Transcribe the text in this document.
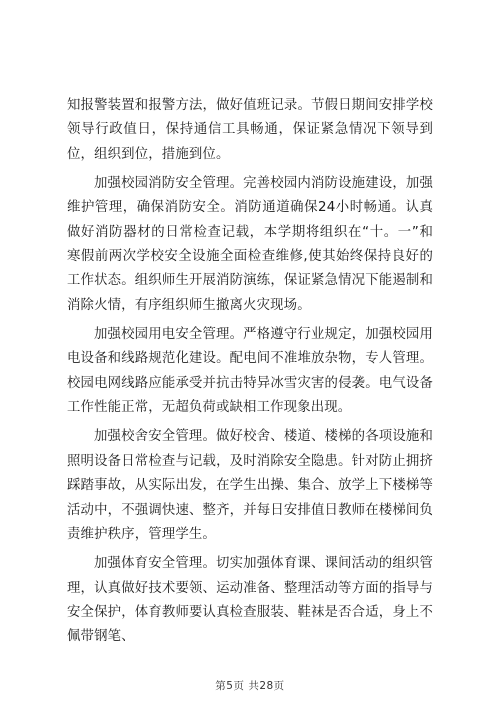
知报警装置和报警方法，做好值班记录。节假日期间安排学校领导行政值日，保持通信工具畅通，保证紧急情况下领导到位，组织到位，措施到位。

加强校园消防安全管理。完善校园内消防设施建设，加强维护管理，确保消防安全。消防通道确保24小时畅通。认真做好消防器材的日常检查记载，本学期将组织在“十。一”和寒假前两次学校安全设施全面检查维修,使其始终保持良好的工作状态。组织师生开展消防演练，保证紧急情况下能遏制和消除火情，有序组织师生撤离火灾现场。

加强校园用电安全管理。严格遵守行业规定，加强校园用电设备和线路规范化建设。配电间不准堆放杂物，专人管理。校园电网线路应能承受并抗击特异冰雪灾害的侵袭。电气设备工作性能正常，无超负荷或缺相工作现象出现。

加强校舍安全管理。做好校舍、楼道、楼梯的各项设施和照明设备日常检查与记载，及时消除安全隐患。针对防止拥挤踩踏事故，从实际出发，在学生出操、集合、放学上下楼梯等活动中，不强调快速、整齐，并每日安排值日教师在楼梯间负责维护秩序，管理学生。

加强体育安全管理。切实加强体育课、课间活动的组织管理，认真做好技术要领、运动准备、整理活动等方面的指导与安全保护，体育教师要认真检查服装、鞋袜是否合适，身上不佩带钢笔、

第5页 共28页
